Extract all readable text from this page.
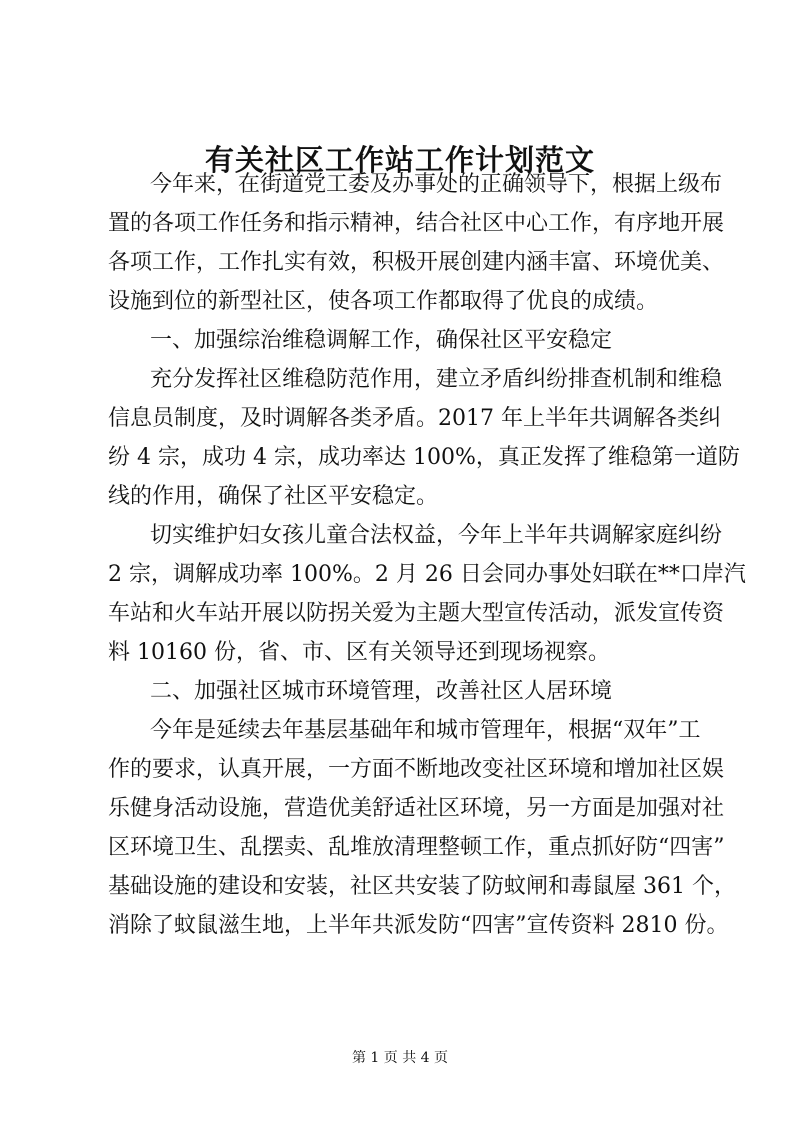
有关社区工作站工作计划范文
今年来，在街道党工委及办事处的正确领导下，根据上级布
置的各项工作任务和指示精神，结合社区中心工作，有序地开展
各项工作，工作扎实有效，积极开展创建内涵丰富、环境优美、
设施到位的新型社区，使各项工作都取得了优良的成绩。
一、加强综治维稳调解工作，确保社区平安稳定
充分发挥社区维稳防范作用，建立矛盾纠纷排查机制和维稳
信息员制度，及时调解各类矛盾。2017 年上半年共调解各类纠
纷 4 宗，成功 4 宗，成功率达 100%，真正发挥了维稳第一道防
线的作用，确保了社区平安稳定。
切实维护妇女孩儿童合法权益，今年上半年共调解家庭纠纷
2 宗，调解成功率 100%。2 月 26 日会同办事处妇联在**口岸汽
车站和火车站开展以防拐关爱为主题大型宣传活动，派发宣传资
料 10160 份，省、市、区有关领导还到现场视察。
二、加强社区城市环境管理，改善社区人居环境
今年是延续去年基层基础年和城市管理年，根据“双年”工
作的要求，认真开展，一方面不断地改变社区环境和增加社区娱
乐健身活动设施，营造优美舒适社区环境，另一方面是加强对社
区环境卫生、乱摆卖、乱堆放清理整顿工作，重点抓好防“四害”
基础设施的建设和安装，社区共安装了防蚊闸和毒鼠屋 361 个，
消除了蚊鼠滋生地，上半年共派发防“四害”宣传资料 2810 份。
第 1 页 共 4 页
